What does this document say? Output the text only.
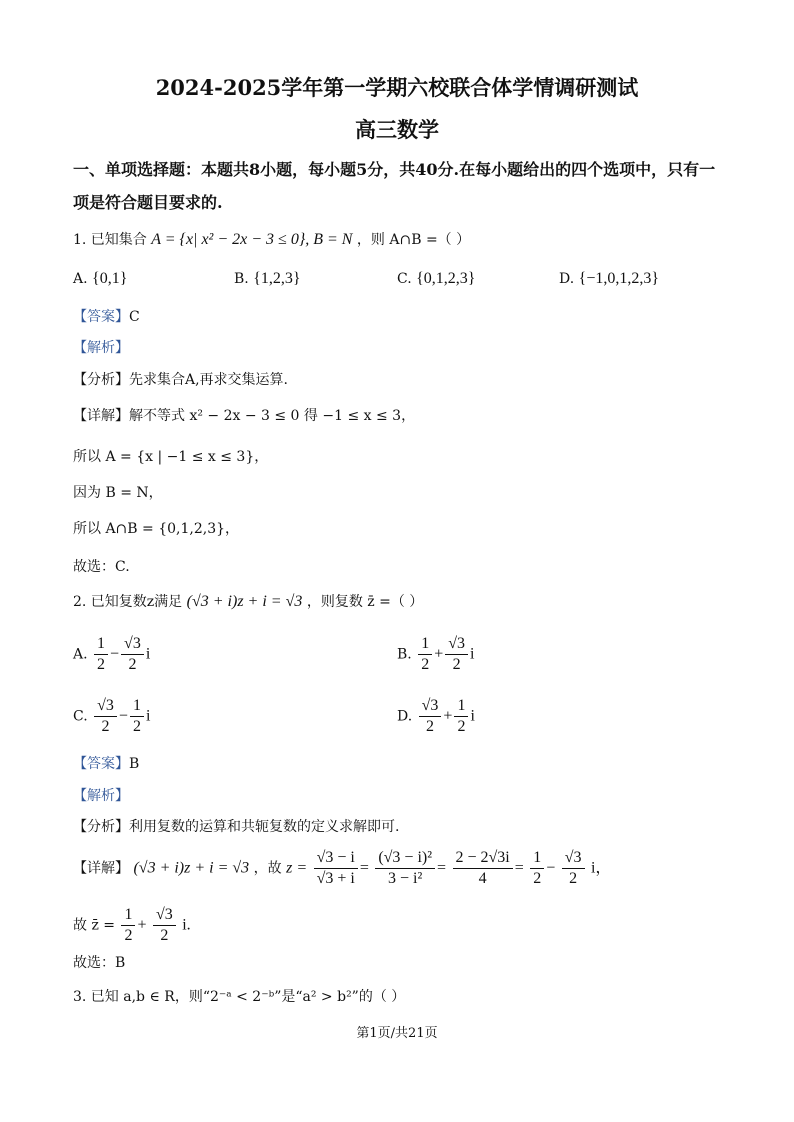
2024-2025学年第一学期六校联合体学情调研测试
高三数学
一、单项选择题：本题共8小题，每小题5分，共40分.在每小题给出的四个选项中，只有一
项是符合题目要求的.
1. 已知集合 A = {x| x² − 2x − 3 ≤ 0}, B = N ，则 A∩B =（ ）
A. {0,1}	B. {1,2,3}	C. {0,1,2,3}	D. {−1,0,1,2,3}
【答案】C
【解析】
【分析】先求集合A,再求交集运算.
【详解】解不等式 x² − 2x − 3 ≤ 0 得 −1 ≤ x ≤ 3，
所以 A = {x | −1 ≤ x ≤ 3}，
因为 B = N，
所以 A∩B = {0,1,2,3}，
故选：C.
2. 已知复数z满足 (√3 + i)z + i = √3 ，则复数 z̄ =（ ）
A. $\frac{1}{2} - \frac{√3}{2}$ i	B. $\frac{1}{2} + \frac{√3}{2}$ i
C. $\frac{√3}{2} - \frac{1}{2}$ i	D. $\frac{√3}{2} + \frac{1}{2}$ i
【答案】B
【解析】
【分析】利用复数的运算和共轭复数的定义求解即可.
【详解】 (√3 + i)z + i = √3 ，故 $z = \frac{√3 - i}{√3 + i} = \frac{\text{(√3 − i)²}}{\text{3 − i²}} = \frac{2 - 2√3i}{4} = \frac{1}{2} - \frac{√3}{2}$ i，
故 z̄ = $\frac{1}{2} + \frac{√3}{2} i$.
故选：B
3. 已知 a,b ∈ R，则“2⁻ᵃ < 2⁻ᵇ”是“a² > b²”的（ ）
第1页/共21页
